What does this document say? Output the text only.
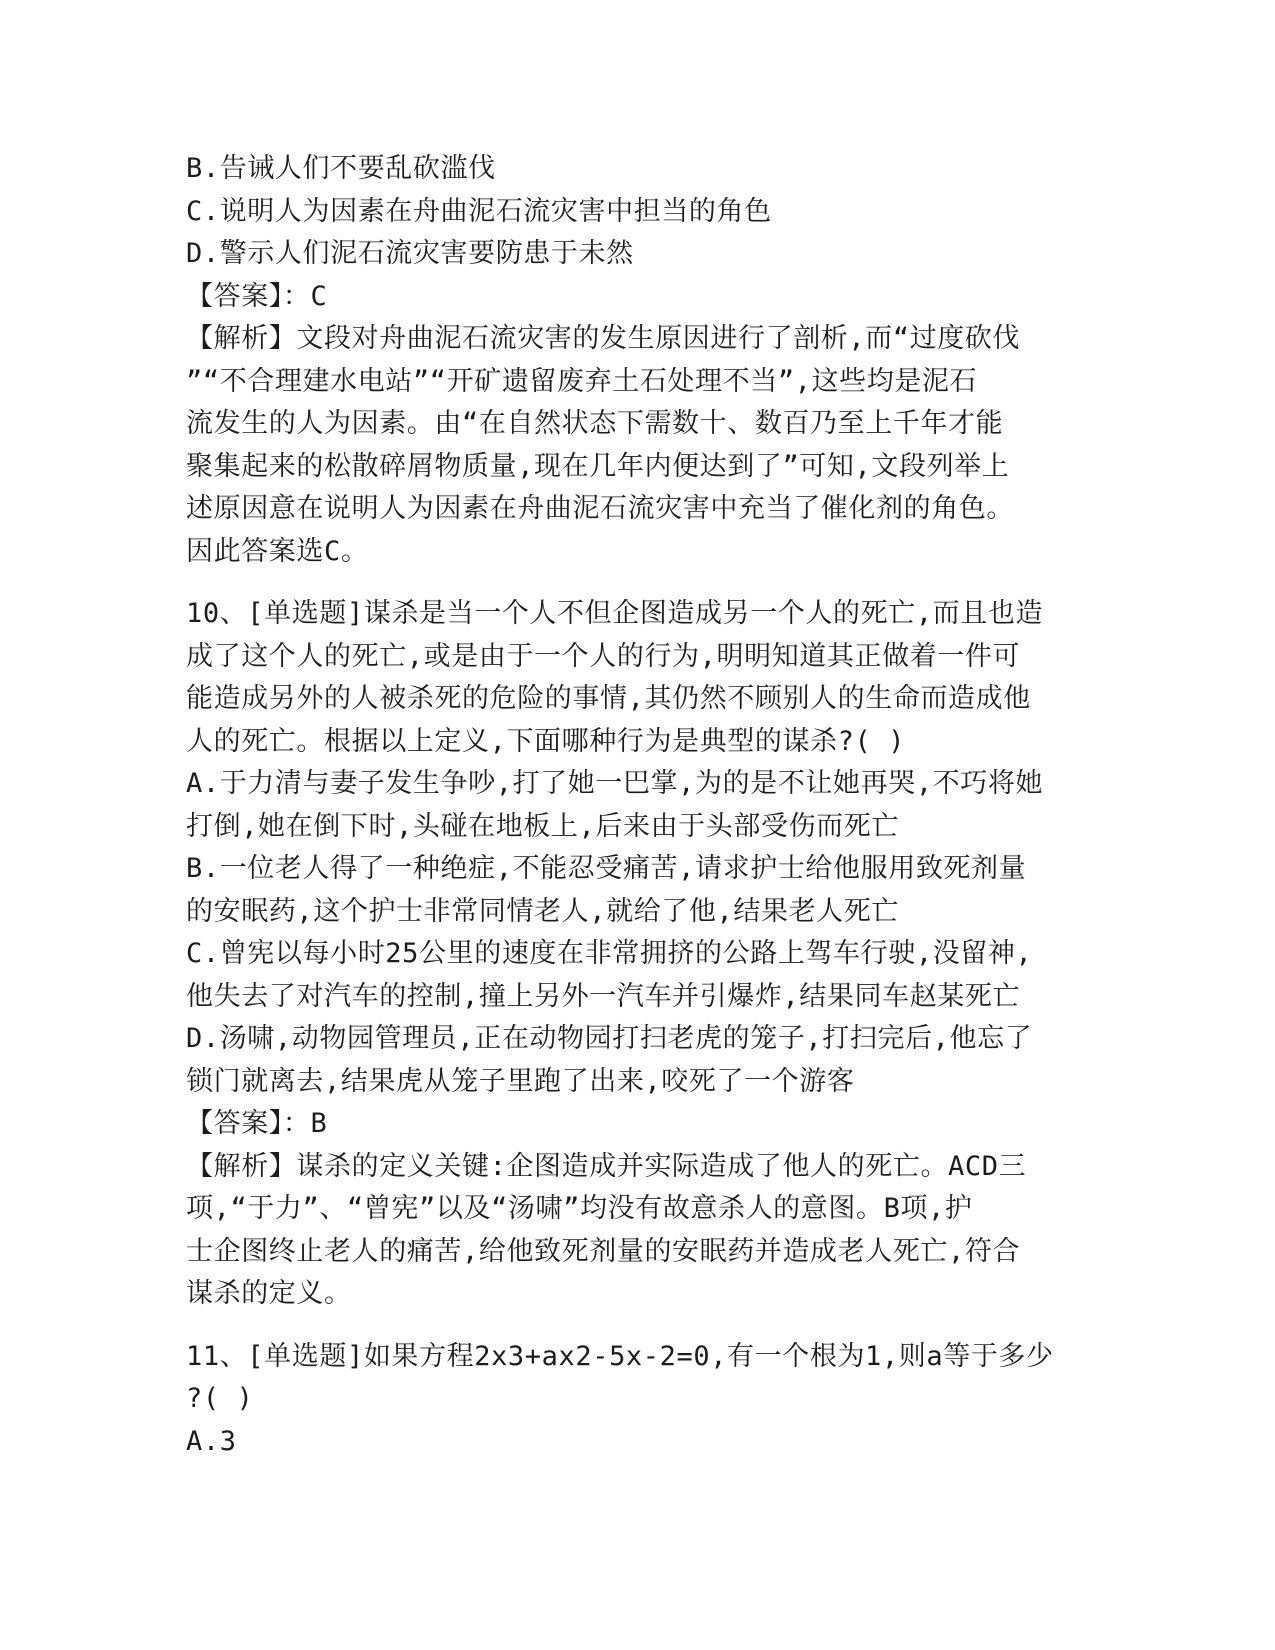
B.告诫人们不要乱砍滥伐
C.说明人为因素在舟曲泥石流灾害中担当的角色
D.警示人们泥石流灾害要防患于未然
【答案】：C
【解析】文段对舟曲泥石流灾害的发生原因进行了剖析,而“过度砍伐
”“不合理建水电站”“开矿遗留废弃土石处理不当”,这些均是泥石
流发生的人为因素。由“在自然状态下需数十、数百乃至上千年才能
聚集起来的松散碎屑物质量,现在几年内便达到了”可知,文段列举上
述原因意在说明人为因素在舟曲泥石流灾害中充当了催化剂的角色。
因此答案选C。
10、[单选题]谋杀是当一个人不但企图造成另一个人的死亡,而且也造
成了这个人的死亡,或是由于一个人的行为,明明知道其正做着一件可
能造成另外的人被杀死的危险的事情,其仍然不顾别人的生命而造成他
人的死亡。根据以上定义,下面哪种行为是典型的谋杀?( )
A.于力清与妻子发生争吵,打了她一巴掌,为的是不让她再哭,不巧将她
打倒,她在倒下时,头碰在地板上,后来由于头部受伤而死亡
B.一位老人得了一种绝症,不能忍受痛苦,请求护士给他服用致死剂量
的安眠药,这个护士非常同情老人,就给了他,结果老人死亡
C.曾宪以每小时25公里的速度在非常拥挤的公路上驾车行驶,没留神,
他失去了对汽车的控制,撞上另外一汽车并引爆炸,结果同车赵某死亡
D.汤啸,动物园管理员,正在动物园打扫老虎的笼子,打扫完后,他忘了
锁门就离去,结果虎从笼子里跑了出来,咬死了一个游客
【答案】：B
【解析】谋杀的定义关键:企图造成并实际造成了他人的死亡。ACD三
项,“于力”、“曾宪”以及“汤啸”均没有故意杀人的意图。B项,护
士企图终止老人的痛苦,给他致死剂量的安眠药并造成老人死亡,符合
谋杀的定义。
11、[单选题]如果方程2x3+ax2-5x-2=0,有一个根为1,则a等于多少
?( )
A.3
